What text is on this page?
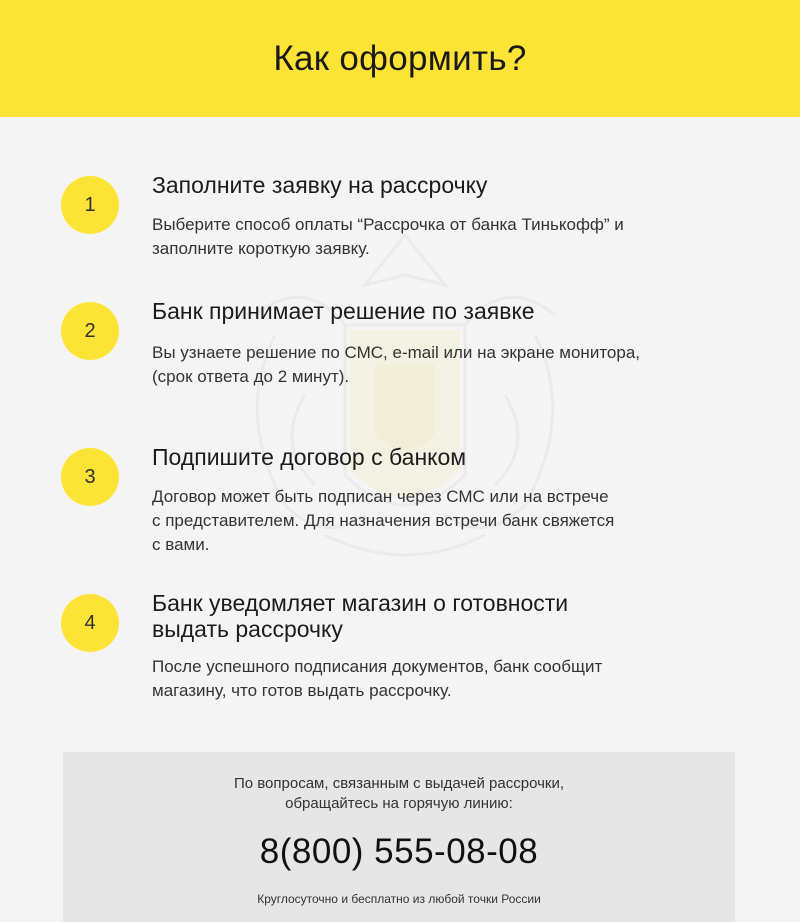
Как оформить?
1
Заполните заявку на рассрочку
Выберите способ оплаты “Рассрочка от банка Тинькофф” и
заполните короткую заявку.
2
Банк принимает решение по заявке
Вы узнаете решение по СМС, e-mail или на экране монитора,
(срок ответа до 2 минут).
3
Подпишите договор с банком
Договор может быть подписан через СМС или на встрече
с представителем. Для назначения встречи банк свяжется
с вами.
4
Банк уведомляет магазин о готовности
выдать рассрочку
После успешного подписания документов, банк сообщит
магазину, что готов выдать рассрочку.
По вопросам, связанным с выдачей рассрочки,
обращайтесь на горячую линию:
8(800) 555-08-08
Круглосуточно и бесплатно из любой точки России
